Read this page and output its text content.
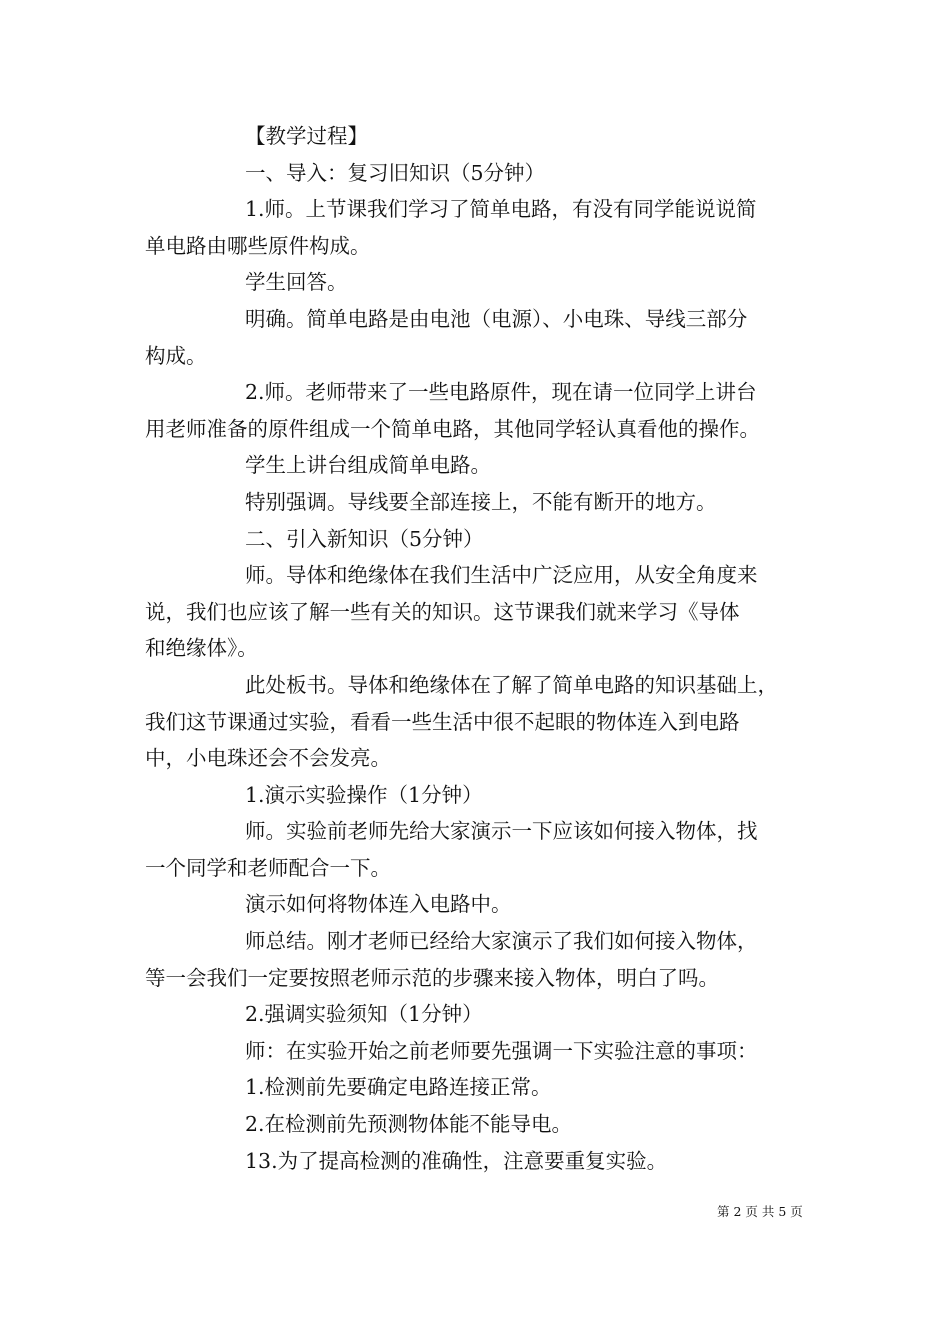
【教学过程】
一、导入：复习旧知识（5分钟）
1.师。上节课我们学习了简单电路，有没有同学能说说简
单电路由哪些原件构成。
学生回答。
明确。简单电路是由电池（电源）、小电珠、导线三部分
构成。
2.师。老师带来了一些电路原件，现在请一位同学上讲台
用老师准备的原件组成一个简单电路，其他同学轻认真看他的操作。
学生上讲台组成简单电路。
特别强调。导线要全部连接上，不能有断开的地方。
二、引入新知识（5分钟）
师。导体和绝缘体在我们生活中广泛应用，从安全角度来
说，我们也应该了解一些有关的知识。这节课我们就来学习《导体
和绝缘体》。
此处板书。导体和绝缘体在了解了简单电路的知识基础上，
我们这节课通过实验，看看一些生活中很不起眼的物体连入到电路
中，小电珠还会不会发亮。
1.演示实验操作（1分钟）
师。实验前老师先给大家演示一下应该如何接入物体，找
一个同学和老师配合一下。
演示如何将物体连入电路中。
师总结。刚才老师已经给大家演示了我们如何接入物体，
等一会我们一定要按照老师示范的步骤来接入物体，明白了吗。
2.强调实验须知（1分钟）
师：在实验开始之前老师要先强调一下实验注意的事项：
1.检测前先要确定电路连接正常。
2.在检测前先预测物体能不能导电。
13.为了提高检测的准确性，注意要重复实验。
第 2 页 共 5 页
